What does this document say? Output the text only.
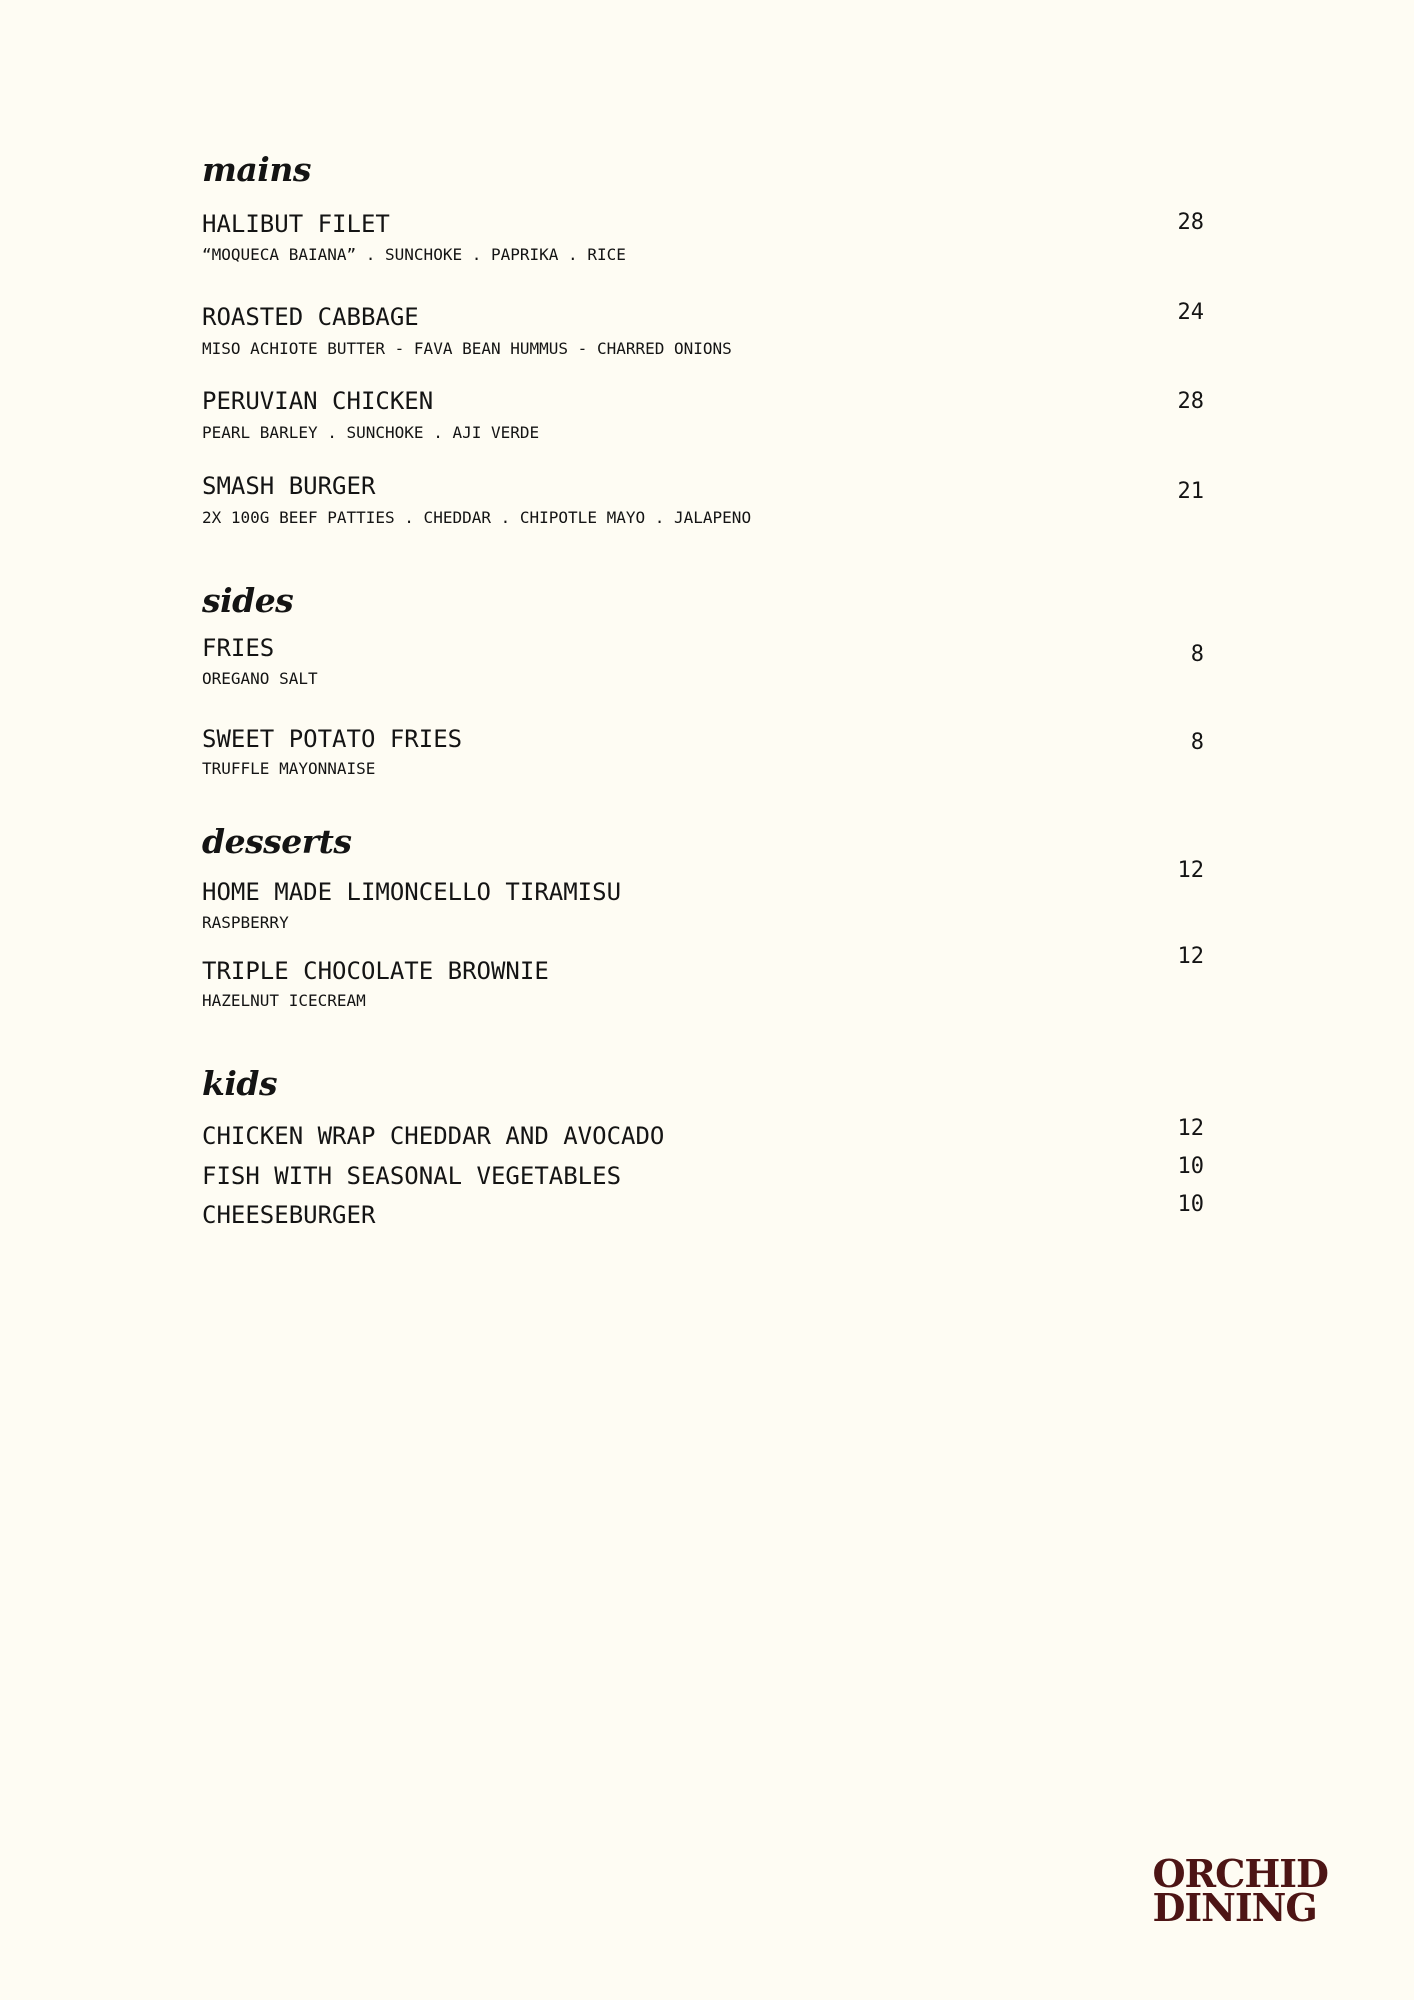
mains
HALIBUT FILET
“MOQUECA BAIANA” . SUNCHOKE . PAPRIKA . RICE
28
ROASTED CABBAGE
MISO ACHIOTE BUTTER - FAVA BEAN HUMMUS - CHARRED ONIONS
24
PERUVIAN CHICKEN
PEARL BARLEY . SUNCHOKE . AJI VERDE
28
SMASH BURGER
2X 100G BEEF PATTIES . CHEDDAR . CHIPOTLE MAYO . JALAPENO
21
sides
FRIES
OREGANO SALT
8
SWEET POTATO FRIES
TRUFFLE MAYONNAISE
8
desserts
HOME MADE LIMONCELLO TIRAMISU
RASPBERRY
12
TRIPLE CHOCOLATE BROWNIE
HAZELNUT ICECREAM
12
kids
CHICKEN WRAP CHEDDAR AND AVOCADO	12
FISH WITH SEASONAL VEGETABLES	10
CHEESEBURGER	10
ORCHID
DINING
